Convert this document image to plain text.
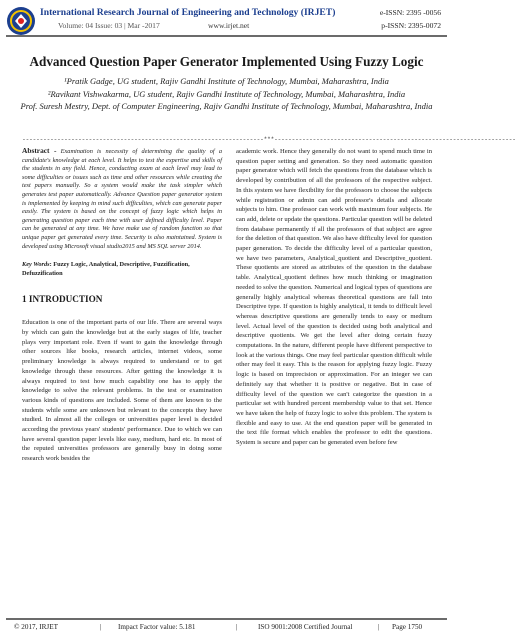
International Research Journal of Engineering and Technology (IRJET)
Volume: 04 Issue: 03 | Mar -2017	www.irjet.net
e-ISSN: 2395 -0056
p-ISSN: 2395-0072
Advanced Question Paper Generator Implemented Using Fuzzy Logic
¹Pratik Gadge, UG student, Rajiv Gandhi Institute of Technology, Mumbai, Maharashtra, India
²Ravikant Vishwakarma, UG student, Rajiv Gandhi Institute of Technology, Mumbai, Maharashtra, India
Prof. Suresh Mestry, Dept. of Computer Engineering, Rajiv Gandhi Institute of Technology, Mumbai, Maharashtra, India
---------------------------------------------------------------------***---------------------------------------------------------------------

Abstract - Examination is necessity of determining the quality of a candidate's knowledge at each level. It helps to test the expertise and skills of the students in any field. Hence, conducting exam at each level may lead to some difficulties or issues such as time and other resources while creating the test papers manually. So a system would make the task simpler which generates test paper automatically. Advance Question paper generator system is implemented by keeping in mind such difficulties, which can generate paper easily. The system is based on the concept of fuzzy logic which helps in generating question paper each time with user defined difficulty level. Paper can be generated at any time. We have make use of random function so that unique paper get generated every time. Security is also maintained. System is developed using Microsoft visual studio2015 and MS SQL server 2014.

Key Words: Fuzzy Logic, Analytical, Descriptive, Fuzzification, Defuzzification

1 INTRODUCTION

Education is one of the important parts of our life. There are several ways by which can gain the knowledge but at the early stages of life, teacher plays very important role. Even if want to gain the knowledge through other sources like books, research articles, internet videos, some preliminary knowledge is always required to understand or to get knowledge through these resources. After getting the knowledge it is always required to test how much capability one has to apply the knowledge to solve the relevant problems. In the test or examination various kinds of questions are included. Some of them are known to the students while some are unknown but relevant to the concepts they have studied. In almost all the colleges or universities paper level is decided according the previous years' students' performance. Due to which we can have several question paper levels like easy, medium, hard etc. In most of the reputed universities professors are generally busy in doing some research work besides the

academic work. Hence they generally do not want to spend much time in question paper setting and generation. So they need automatic question paper generator which will fetch the questions from the database which is developed by contribution of all the professors of the respective subject. In this system we have flexibility for the professors to choose the subjects while registration or admin can add professor's details and allocate subjects to him. One professor can work with maximum four subjects. He can add, delete or update the questions. Particular question will be deleted from database permanently if all the professors of that subject are agree for the deletion of that question. We also have difficulty level for question paper generation. To decide the difficulty level of a particular question, we have two parameters, Analytical_quotient and Descriptive_quotient. These quotients are stored as attributes of the question in the database table. Analytical_quotient defines how much thinking or imagination needed to solve the question. Numerical and logical types of questions are generally highly analytical whereas theoretical questions are fall into Descriptive type. If question is highly analytical, it tends to difficult level whereas descriptive questions are generally tends to easy or medium level. Actual level of the question is decided using both analytical and descriptive quotients. We get the level after doing certain fuzzy computations. In the nature, different people have different perspective to look at the various things. One may feel particular question difficult while other may feel it easy. This is the reason for applying fuzzy logic. Fuzzy logic is based on imprecision or approximation. For an integer we can definitely say that whether it is positive or negative. But in case of difficulty level of the question we can't categorize the question in a particular set with hundred percent membership value to that set. Hence we have taken the help of fuzzy logic to solve this problem. The system is flexible and easy to use. At the end question paper will be generated in the text file format which enables the professor to edit the questions. System is secure and paper can be generated even before few

© 2017, IRJET	| Impact Factor value: 5.181	|	ISO 9001:2008 Certified Journal	| Page 1750
